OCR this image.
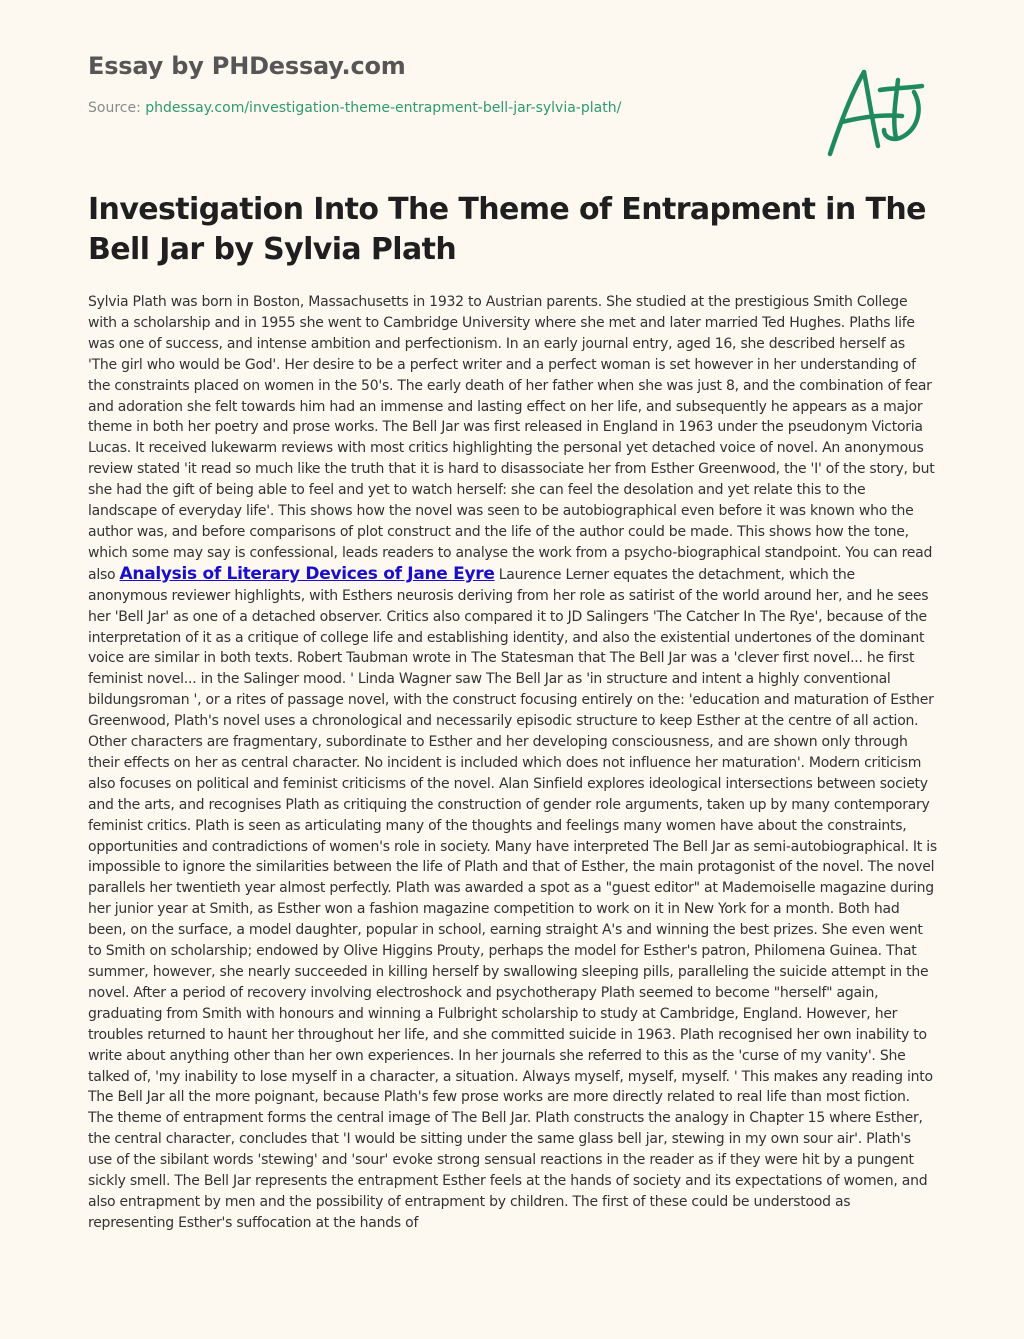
Essay by PHDessay.com
Source: phdessay.com/investigation-theme-entrapment-bell-jar-sylvia-plath/
Investigation Into The Theme of Entrapment in The Bell Jar by Sylvia Plath

Sylvia Plath was born in Boston, Massachusetts in 1932 to Austrian parents. She studied at the prestigious Smith College with a scholarship and in 1955 she went to Cambridge University where she met and later married Ted Hughes. Plaths life was one of success, and intense ambition and perfectionism. In an early journal entry, aged 16, she described herself as 'The girl who would be God'. Her desire to be a perfect writer and a perfect woman is set however in her understanding of the constraints placed on women in the 50's. The early death of her father when she was just 8, and the combination of fear and adoration she felt towards him had an immense and lasting effect on her life, and subsequently he appears as a major theme in both her poetry and prose works. The Bell Jar was first released in England in 1963 under the pseudonym Victoria Lucas. It received lukewarm reviews with most critics highlighting the personal yet detached voice of novel. An anonymous review stated 'it read so much like the truth that it is hard to disassociate her from Esther Greenwood, the 'I' of the story, but she had the gift of being able to feel and yet to watch herself: she can feel the desolation and yet relate this to the landscape of everyday life'. This shows how the novel was seen to be autobiographical even before it was known who the author was, and before comparisons of plot construct and the life of the author could be made. This shows how the tone, which some may say is confessional, leads readers to analyse the work from a psycho-biographical standpoint. You can read also Analysis of Literary Devices of Jane Eyre Laurence Lerner equates the detachment, which the anonymous reviewer highlights, with Esthers neurosis deriving from her role as satirist of the world around her, and he sees her 'Bell Jar' as one of a detached observer. Critics also compared it to JD Salingers 'The Catcher In The Rye', because of the interpretation of it as a critique of college life and establishing identity, and also the existential undertones of the dominant voice are similar in both texts. Robert Taubman wrote in The Statesman that The Bell Jar was a 'clever first novel... he first feminist novel... in the Salinger mood. ' Linda Wagner saw The Bell Jar as 'in structure and intent a highly conventional bildungsroman ', or a rites of passage novel, with the construct focusing entirely on the: 'education and maturation of Esther Greenwood, Plath's novel uses a chronological and necessarily episodic structure to keep Esther at the centre of all action. Other characters are fragmentary, subordinate to Esther and her developing consciousness, and are shown only through their effects on her as central character. No incident is included which does not influence her maturation'. Modern criticism also focuses on political and feminist criticisms of the novel. Alan Sinfield explores ideological intersections between society and the arts, and recognises Plath as critiquing the construction of gender role arguments, taken up by many contemporary feminist critics. Plath is seen as articulating many of the thoughts and feelings many women have about the constraints, opportunities and contradictions of women's role in society. Many have interpreted The Bell Jar as semi-autobiographical. It is impossible to ignore the similarities between the life of Plath and that of Esther, the main protagonist of the novel. The novel parallels her twentieth year almost perfectly. Plath was awarded a spot as a "guest editor" at Mademoiselle magazine during her junior year at Smith, as Esther won a fashion magazine competition to work on it in New York for a month. Both had been, on the surface, a model daughter, popular in school, earning straight A's and winning the best prizes. She even went to Smith on scholarship; endowed by Olive Higgins Prouty, perhaps the model for Esther's patron, Philomena Guinea. That summer, however, she nearly succeeded in killing herself by swallowing sleeping pills, paralleling the suicide attempt in the novel. After a period of recovery involving electroshock and psychotherapy Plath seemed to become "herself" again, graduating from Smith with honours and winning a Fulbright scholarship to study at Cambridge, England. However, her troubles returned to haunt her throughout her life, and she committed suicide in 1963. Plath recognised her own inability to write about anything other than her own experiences. In her journals she referred to this as the 'curse of my vanity'. She talked of, 'my inability to lose myself in a character, a situation. Always myself, myself, myself. ' This makes any reading into The Bell Jar all the more poignant, because Plath's few prose works are more directly related to real life than most fiction. The theme of entrapment forms the central image of The Bell Jar. Plath constructs the analogy in Chapter 15 where Esther, the central character, concludes that 'I would be sitting under the same glass bell jar, stewing in my own sour air'. Plath's use of the sibilant words 'stewing' and 'sour' evoke strong sensual reactions in the reader as if they were hit by a pungent sickly smell. The Bell Jar represents the entrapment Esther feels at the hands of society and its expectations of women, and also entrapment by men and the possibility of entrapment by children. The first of these could be understood as representing Esther's suffocation at the hands of
